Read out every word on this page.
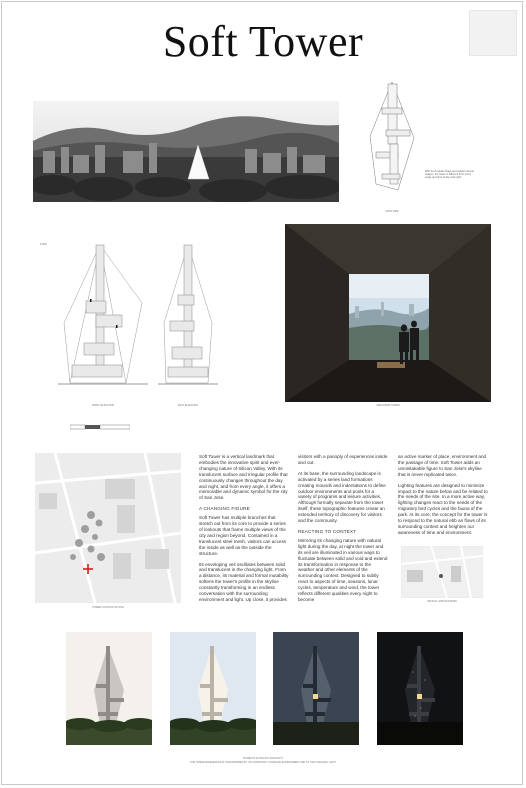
Soft Tower
With its irregular shape and playful volume shapes, the tower is different from every angle and time of day and night.
AXON VIEW
1:500
NORTH ELEVATION	EAST ELEVATION	VIEW FROM TOWER
TOWER LOCATION ON SITE

Soft Tower is a vertical landmark that embodies the innovative spirit and ever-changing nature of Silicon Valley. With its translucent surface and irregular profile that continuously changes throughout the day and night, and from every angle, it offers a memorable and dynamic symbol for the city of San Jose.

A CHANGING FIGURE

Soft Tower has multiple branches that stretch out from its core to provide a series of lookouts that frame multiple views of the city and region beyond. Contained in a translucent steel mesh, visitors can access the inside as well as the outside the structure.

Its enveloping veil oscillates between solid and translucent in the changing light. From a distance, its material and formal mutability softens the tower's profile in the skyline constantly transforming in an endless conversation with the surrounding environment and light. Up close, it provides

visitors with a panoply of experiences inside and out.

At its base, the surrounding landscape is activated by a series land formations creating mounds and indentations to define outdoor environments and pools for a variety of programs and leisure activities. Although formally separate from the tower itself, these topographic features create an extended territory of discovery for visitors and the community.

REACTING TO CONTEXT

Mirroring its changing nature with natural light during the day, at night the tower and its veil are illuminated in various ways to fluctuate between solid and void and extend its transformation in response to the weather and other elements of the surrounding context. Designed to subtly react to aspects of time, seasons, lunar cycles, temperature and wind, the tower reflects different qualities every night to become

an active marker of place, environment and the passage of time. Soft Tower adds an unmistakable figure to San Jose's skyline that is never replicated twice.

Lighting features are designed to minimize impact to the nature below and be related to the needs of the site. In a more active way, lighting changes react to the needs of the migratory bird cycles and the fauna of the park. At its core, the concept for the tower is to respond to the natural ebb an flows of its surrounding context and heighten our awareness of time and environment.

OFFICIAL SITE MAP MARK
MOMENTS IN THE DAY AND NIGHT
THE TOWER APPEARANCE IS TRANSFORMED BY ITS CONSTANTLY CHANGING ENVIRONMENT AND TO THE CHANGING LIGHT
